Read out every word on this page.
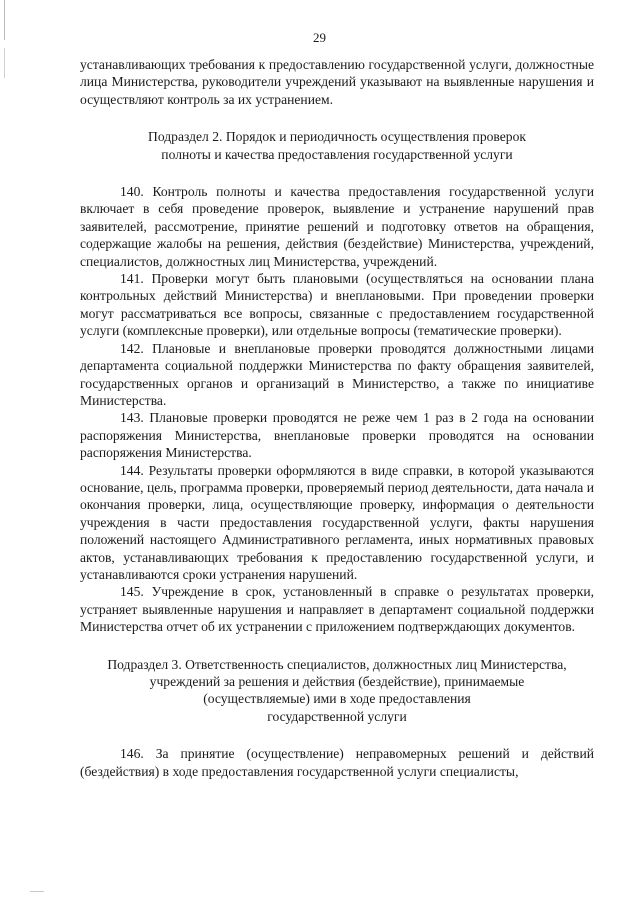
29

устанавливающих требования к предоставлению государственной услуги, должностные лица Министерства, руководители учреждений указывают на выявленные нарушения и осуществляют контроль за их устранением.

Подраздел 2. Порядок и периодичность осуществления проверок
полноты и качества предоставления государственной услуги

140. Контроль полноты и качества предоставления государственной услуги включает в себя проведение проверок, выявление и устранение нарушений прав заявителей, рассмотрение, принятие решений и подготовку ответов на обращения, содержащие жалобы на решения, действия (бездействие) Министерства, учреждений, специалистов, должностных лиц Министерства, учреждений.

141. Проверки могут быть плановыми (осуществляться на основании плана контрольных действий Министерства) и внеплановыми. При проведении проверки могут рассматриваться все вопросы, связанные с предоставлением государственной услуги (комплексные проверки), или отдельные вопросы (тематические проверки).

142. Плановые и внеплановые проверки проводятся должностными лицами департамента социальной поддержки Министерства по факту обращения заявителей, государственных органов и организаций в Министерство, а также по инициативе Министерства.

143. Плановые проверки проводятся не реже чем 1 раз в 2 года на основании распоряжения Министерства, внеплановые проверки проводятся на основании распоряжения Министерства.

144. Результаты проверки оформляются в виде справки, в которой указываются основание, цель, программа проверки, проверяемый период деятельности, дата начала и окончания проверки, лица, осуществляющие проверку, информация о деятельности учреждения в части предоставления государственной услуги, факты нарушения положений настоящего Административного регламента, иных нормативных правовых актов, устанавливающих требования к предоставлению государственной услуги, и устанавливаются сроки устранения нарушений.

145. Учреждение в срок, установленный в справке о результатах проверки, устраняет выявленные нарушения и направляет в департамент социальной поддержки Министерства отчет об их устранении с приложением подтверждающих документов.

Подраздел 3. Ответственность специалистов, должностных лиц Министерства,
учреждений за решения и действия (бездействие), принимаемые
(осуществляемые) ими в ходе предоставления
государственной услуги

146. За принятие (осуществление) неправомерных решений и действий (бездействия) в ходе предоставления государственной услуги специалисты,
